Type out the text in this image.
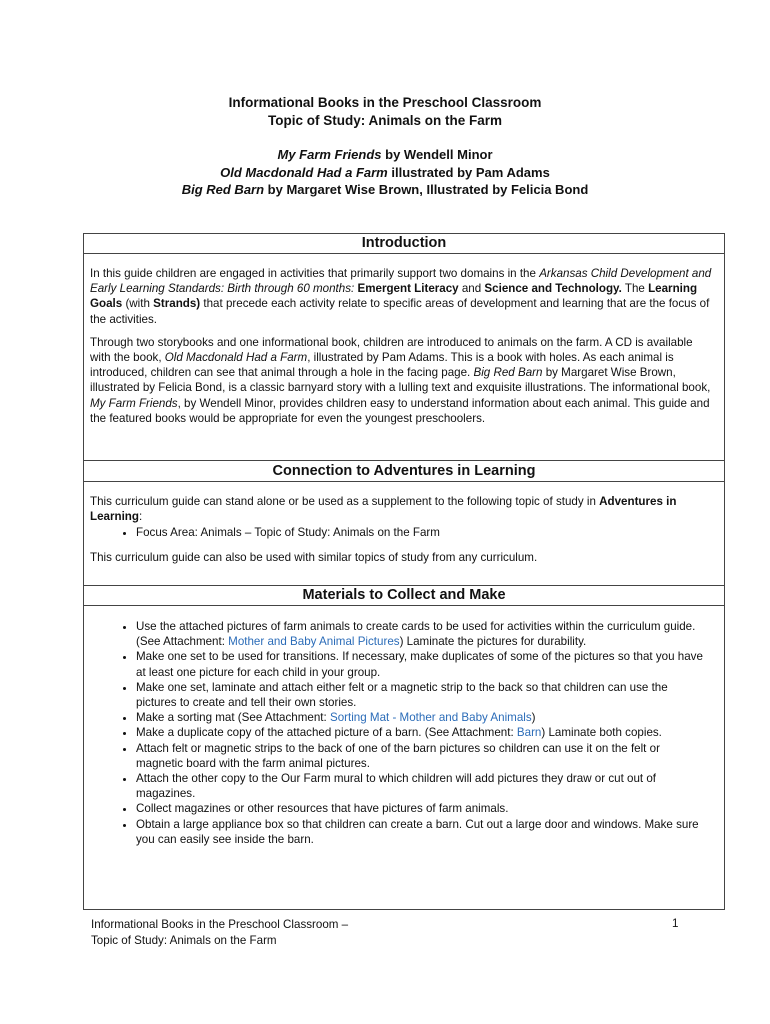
Informational Books in the Preschool Classroom
Topic of Study: Animals on the Farm
My Farm Friends by Wendell Minor
Old Macdonald Had a Farm illustrated by Pam Adams
Big Red Barn by Margaret Wise Brown, Illustrated by Felicia Bond
Introduction

In this guide children are engaged in activities that primarily support two domains in the Arkansas Child Development and Early Learning Standards: Birth through 60 months: Emergent Literacy and Science and Technology. The Learning Goals (with Strands) that precede each activity relate to specific areas of development and learning that are the focus of the activities.

Through two storybooks and one informational book, children are introduced to animals on the farm. A CD is available with the book, Old Macdonald Had a Farm, illustrated by Pam Adams. This is a book with holes. As each animal is introduced, children can see that animal through a hole in the facing page. Big Red Barn by Margaret Wise Brown, illustrated by Felicia Bond, is a classic barnyard story with a lulling text and exquisite illustrations. The informational book, My Farm Friends, by Wendell Minor, provides children easy to understand information about each animal. This guide and the featured books would be appropriate for even the youngest preschoolers.

Connection to Adventures in Learning

This curriculum guide can stand alone or be used as a supplement to the following topic of study in Adventures in Learning:

• Focus Area: Animals – Topic of Study: Animals on the Farm

This curriculum guide can also be used with similar topics of study from any curriculum.

Materials to Collect and Make
• Use the attached pictures of farm animals to create cards to be used for activities within the curriculum guide. (See Attachment: Mother and Baby Animal Pictures) Laminate the pictures for durability.
• Make one set to be used for transitions. If necessary, make duplicates of some of the pictures so that you have at least one picture for each child in your group.
• Make one set, laminate and attach either felt or a magnetic strip to the back so that children can use the pictures to create and tell their own stories.
• Make a sorting mat (See Attachment: Sorting Mat - Mother and Baby Animals)
• Make a duplicate copy of the attached picture of a barn. (See Attachment: Barn) Laminate both copies.
• Attach felt or magnetic strips to the back of one of the barn pictures so children can use it on the felt or magnetic board with the farm animal pictures.
• Attach the other copy to the Our Farm mural to which children will add pictures they draw or cut out of magazines.
• Collect magazines or other resources that have pictures of farm animals.
• Obtain a large appliance box so that children can create a barn. Cut out a large door and windows. Make sure you can easily see inside the barn.
Informational Books in the Preschool Classroom –
Topic of Study: Animals on the Farm
1
